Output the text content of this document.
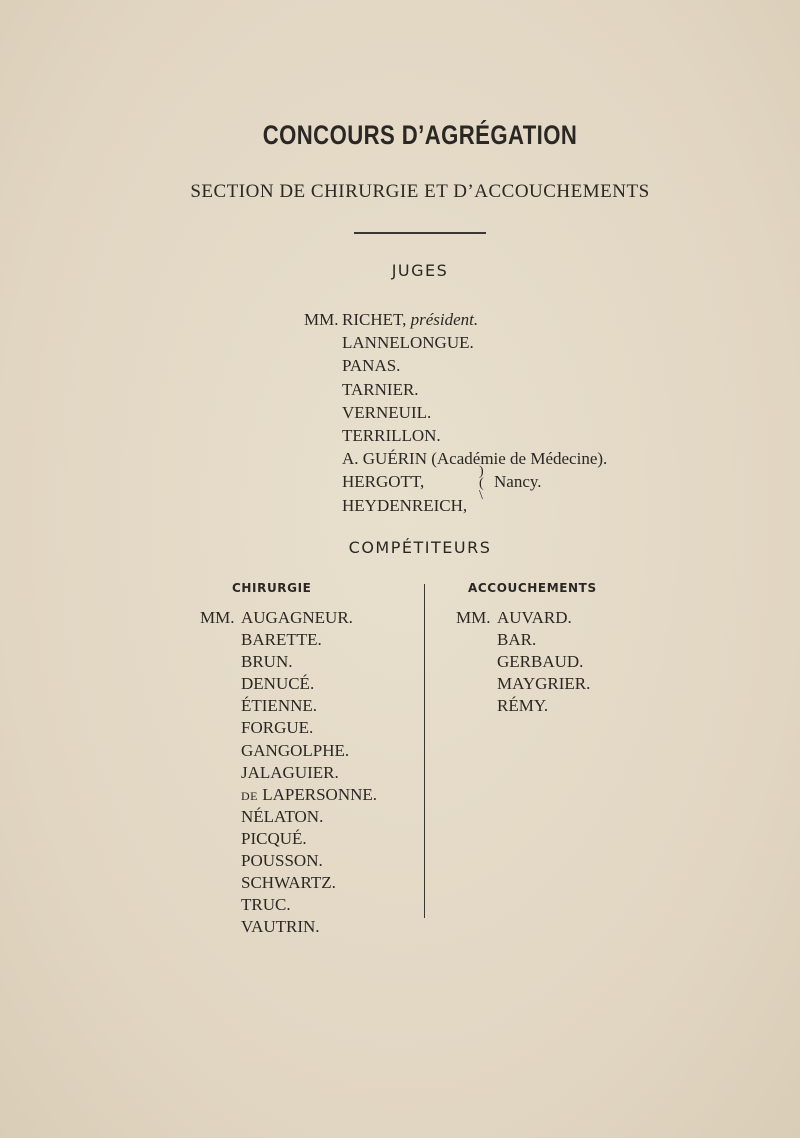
CONCOURS D’AGRÉGATION
SECTION DE CHIRURGIE ET D’ACCOUCHEMENTS
JUGES
MM. RICHET, président.
LANNELONGUE.
PANAS.
TARNIER.
VERNEUIL.
TERRILLON.
A. GUÉRIN (Académie de Médecine).
HERGOTT,
HEYDENREICH,
)
(
\
Nancy.
COMPÉTITEURS
CHIRURGIE	ACCOUCHEMENTS
MM. AUGAGNEUR.
BARETTE.
BRUN.
DENUCÉ.
ÉTIENNE.
FORGUE.
GANGOLPHE.
JALAGUIER.
DE LAPERSONNE.
NÉLATON.
PICQUÉ.
POUSSON.
SCHWARTZ.
TRUC.
VAUTRIN.
MM. AUVARD.
BAR.
GERBAUD.
MAYGRIER.
RÉMY.
